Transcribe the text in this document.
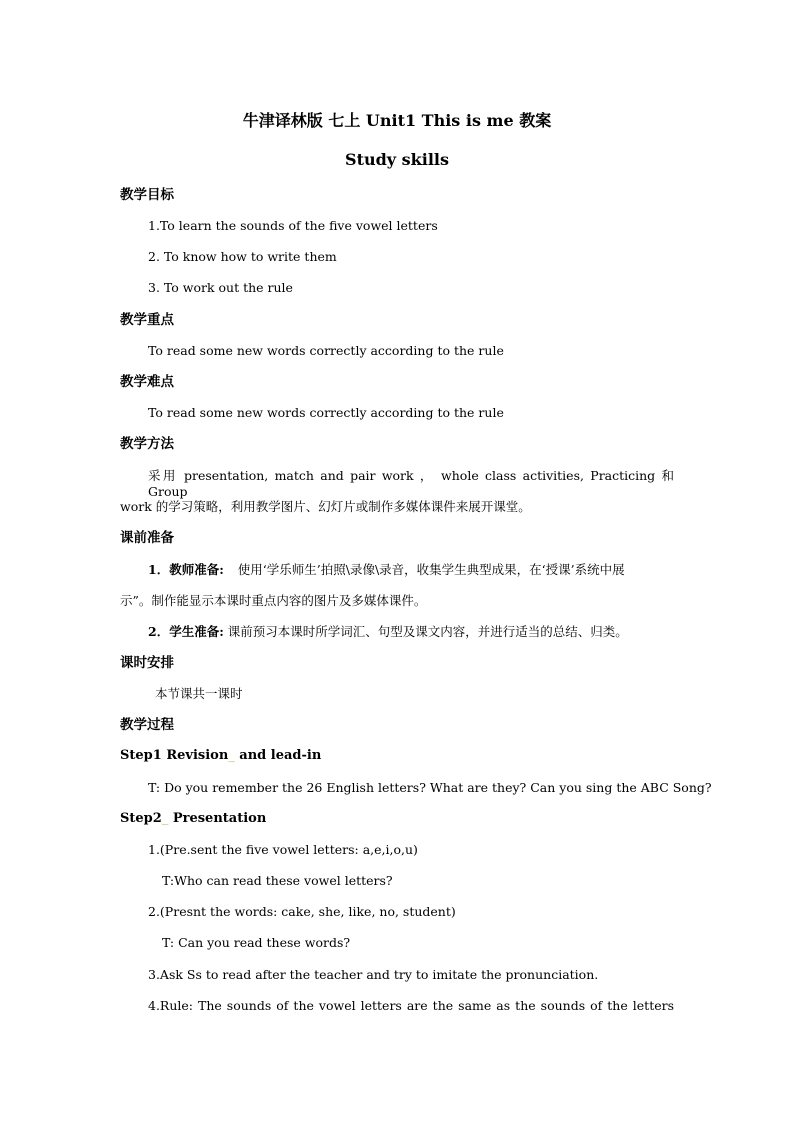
牛津译林版 七上 Unit1 This is me 教案
Study skills
教学目标
1.To learn the sounds of the five vowel letters
2. To know how to write them
3. To work out the rule
教学重点
To read some new words correctly according to the rule
教学难点
To read some new words correctly according to the rule
教学方法
采用 presentation, match and pair work ， whole class activities, Practicing 和 Group
work 的学习策略，利用教学图片、幻灯片或制作多媒体课件来展开课堂。
课前准备
1．教师准备: 使用‘学乐师生’拍照\录像\录音，收集学生典型成果，在‘授课’系统中展
示”。制作能显示本课时重点内容的图片及多媒体课件。
2．学生准备: 课前预习本课时所学词汇、句型及课文内容，并进行适当的总结、归类。
课时安排
本节课共一课时
教学过程
Step1 Revision_ and lead-in
T: Do you remember the 26 English letters? What are they? Can you sing the ABC Song?
Step2_ Presentation
1.(Pre.sent the five vowel letters: a,e,i,o,u)
T:Who can read these vowel letters?
2.(Presnt the words: cake, she, like, no, student)
T: Can you read these words?
3.Ask Ss to read after the teacher and try to imitate the pronunciation.
4.Rule: The sounds of the vowel letters are the same as the sounds of the letters
